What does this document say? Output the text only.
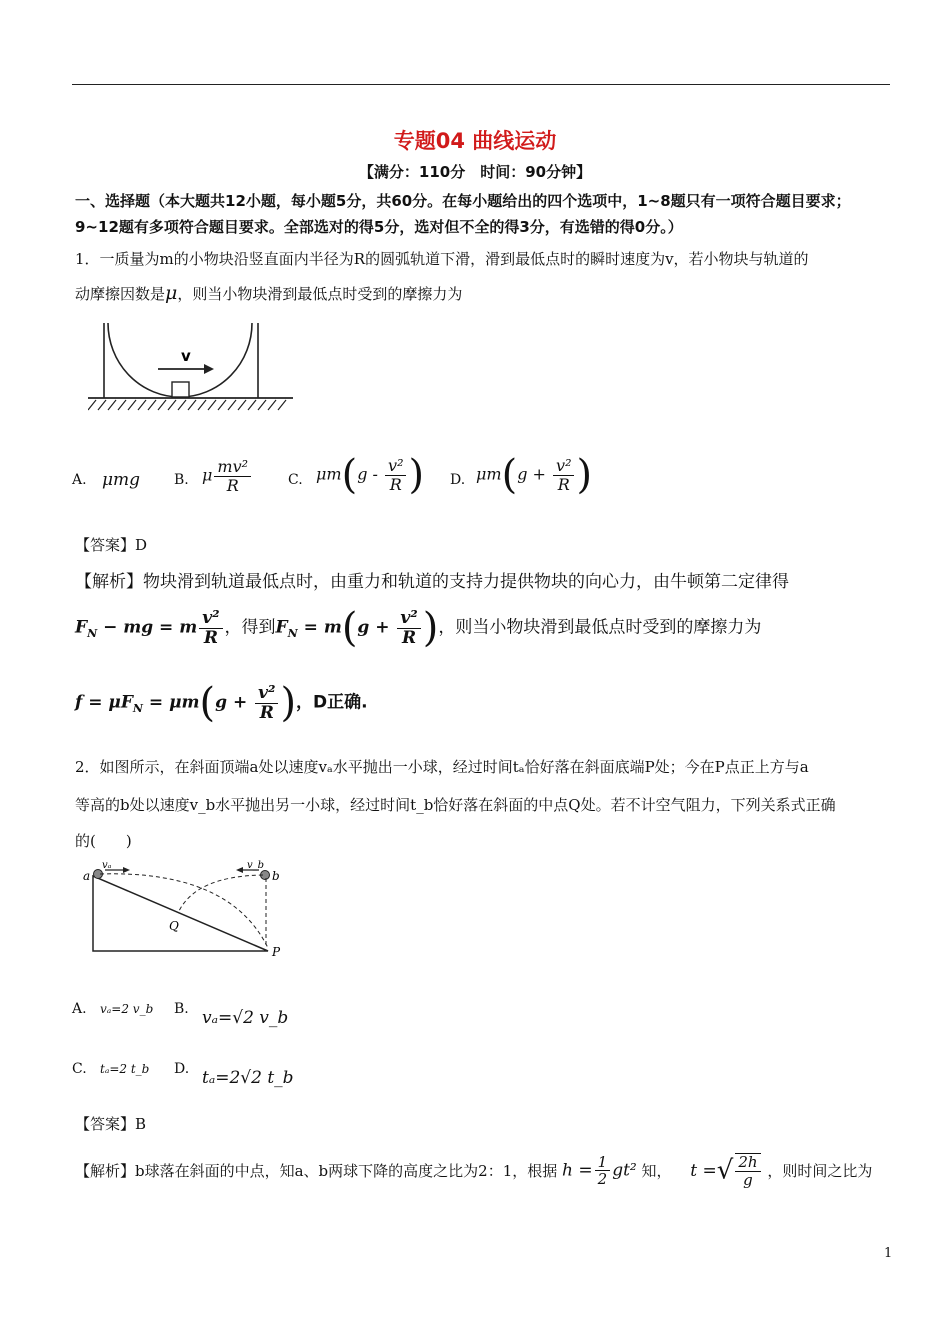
专题04 曲线运动
【满分：110分　时间：90分钟】
一、选择题（本大题共12小题，每小题5分，共60分。在每小题给出的四个选项中，1~8题只有一项符合题目要求；
9~12题有多项符合题目要求。全部选对的得5分，选对但不全的得3分，有选错的得0分。）
1．一质量为m的小物块沿竖直面内半径为R的圆弧轨道下滑，滑到最低点时的瞬时速度为v，若小物块与轨道的
动摩擦因数是μ，则当小物块滑到最低点时受到的摩擦力为
v
A. μmg B. μ $\frac{\text{mv²}}{R}$	C. $\mu m(g - \frac{\text{v²}}{R}$ ) D. $\mu m(g + \frac{\text{v²}}{R}$ )
【答案】D
【解析】物块滑到轨道最低点时，由重力和轨道的支持力提供物块的向心力，由牛顿第二定律得
$F_N$ − mg = m $\frac{\text{v²}}{R}$ ，得到$F_N = m(g + \frac{\text{v²}}{R}$ )，则当小物块滑到最低点时受到的摩擦力为
$f = \mu F_N = \mu m(g + \frac{\text{v²}}{R}$ )，D正确.
2．如图所示，在斜面顶端a处以速度vₐ水平抛出一小球，经过时间tₐ恰好落在斜面底端P处；今在P点正上方与a
等高的b处以速度v_b水平抛出另一小球，经过时间t_b恰好落在斜面的中点Q处。若不计空气阻力，下列关系式正确
的(　　)
a	b
vₐ	v_b
Q
P
A. vₐ=2 v_b B. vₐ=√2 v_b
C. tₐ=2 t_b D. tₐ=2√2 t_b
【答案】B
【解析】b球落在斜面的中点，知a、b两球下降的高度之比为2：1，根据 $h = \frac{1}{2} gt^2$ 知， t =√ $\frac{2h}{g}$ ，则时间之比为
1
